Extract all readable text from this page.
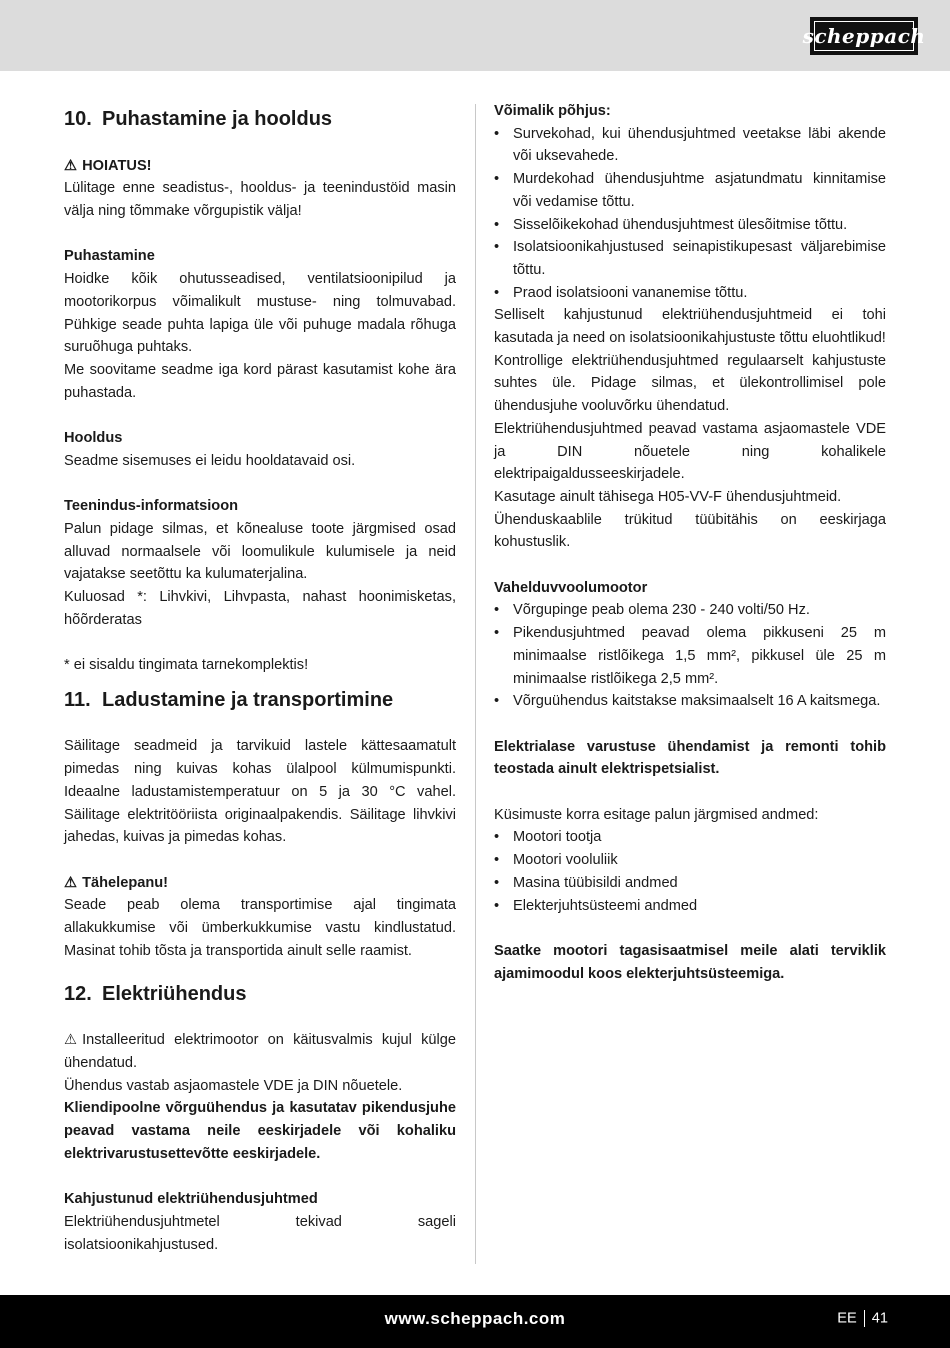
scheppach
10. Puhastamine ja hooldus
⚠ HOIATUS!

Lülitage enne seadistus-, hooldus- ja teenindustöid masin välja ning tõmmake võrgupistik välja!

Puhastamine

Hoidke kõik ohutusseadised, ventilatsioonipilud ja mootorikorpus võimalikult mustuse- ning tolmuvabad. Pühkige seade puhta lapiga üle või puhuge madala rõhuga suruõhuga puhtaks.

Me soovitame seadme iga kord pärast kasutamist kohe ära puhastada.

Hooldus

Seadme sisemuses ei leidu hooldatavaid osi.

Teenindus-informatsioon

Palun pidage silmas, et kõnealuse toote järgmised osad alluvad normaalsele või loomulikule kulumisele ja neid vajatakse seetõttu ka kulumaterjalina.

Kuluosad *: Lihvkivi, Lihvpasta, nahast hoonimisketas, hõõrderatas

* ei sisaldu tingimata tarnekomplektis!

11. Ladustamine ja transportimine

Säilitage seadmeid ja tarvikuid lastele kättesaamatult pimedas ning kuivas kohas ülalpool külmumispunkti. Ideaalne ladustamistemperatuur on 5 ja 30 °C vahel. Säilitage elektritööriista originaalpakendis. Säilitage lihvkivi jahedas, kuivas ja pimedas kohas.

⚠ Tähelepanu!

Seade peab olema transportimise ajal tingimata allakukkumise või ümberkukkumise vastu kindlustatud. Masinat tohib tõsta ja transportida ainult selle raamist.

12. Elektriühendus

⚠ Installeeritud elektrimootor on käitusvalmis kujul külge ühendatud.

Ühendus vastab asjaomastele VDE ja DIN nõuetele.

Kliendipoolne võrguühendus ja kasutatav pikendusjuhe peavad vastama neile eeskirjadele või kohaliku elektrivarustusettevõtte eeskirjadele.

Kahjustunud elektriühendusjuhtmed

Elektriühendusjuhtmetel tekivad sageli isolatsioonikahjustused.

Võimalik põhjus:
• Survekohad, kui ühendusjuhtmed veetakse läbi akende või uksevahede.
• Murdekohad ühendusjuhtme asjatundmatu kinnitamise või vedamise tõttu.
• Sisselõikekohad ühendusjuhtmest ülesõitmise tõttu.
• Isolatsioonikahjustused seinapistikupesast väljarebimise tõttu.
• Praod isolatsiooni vananemise tõttu.

Selliselt kahjustunud elektriühendusjuhtmeid ei tohi kasutada ja need on isolatsioonikahjustuste tõttu eluohtlikud!

Kontrollige elektriühendusjuhtmed regulaarselt kahjustuste suhtes üle. Pidage silmas, et ülekontrollimisel pole ühendusjuhe vooluvõrku ühendatud.

Elektriühendusjuhtmed peavad vastama asjaomastele VDE ja DIN nõuetele ning kohalikele elektripaigaldusseeskirjadele.

Kasutage ainult tähisega H05-VV-F ühendusjuhtmeid.

Ühenduskaablile trükitud tüübitähis on eeskirjaga kohustuslik.

Vahelduvvoolumootor
• Võrgupinge peab olema 230 - 240 volti/50 Hz.
• Pikendusjuhtmed peavad olema pikkuseni 25 m minimaalse ristlõikega 1,5 mm², pikkusel üle 25 m minimaalse ristlõikega 2,5 mm².
• Võrguühendus kaitstakse maksimaalselt 16 A kaitsmega.

Elektrialase varustuse ühendamist ja remonti tohib teostada ainult elektrispetsialist.

Küsimuste korra esitage palun järgmised andmed:

• Mootori tootja
• Mootori vooluliik
• Masina tüübisildi andmed
• Elekterjuhtsüsteemi andmed

Saatke mootori tagasisaatmisel meile alati terviklik ajamimoodul koos elekterjuhtsüsteemiga.

www.scheppach.com	EE 41
